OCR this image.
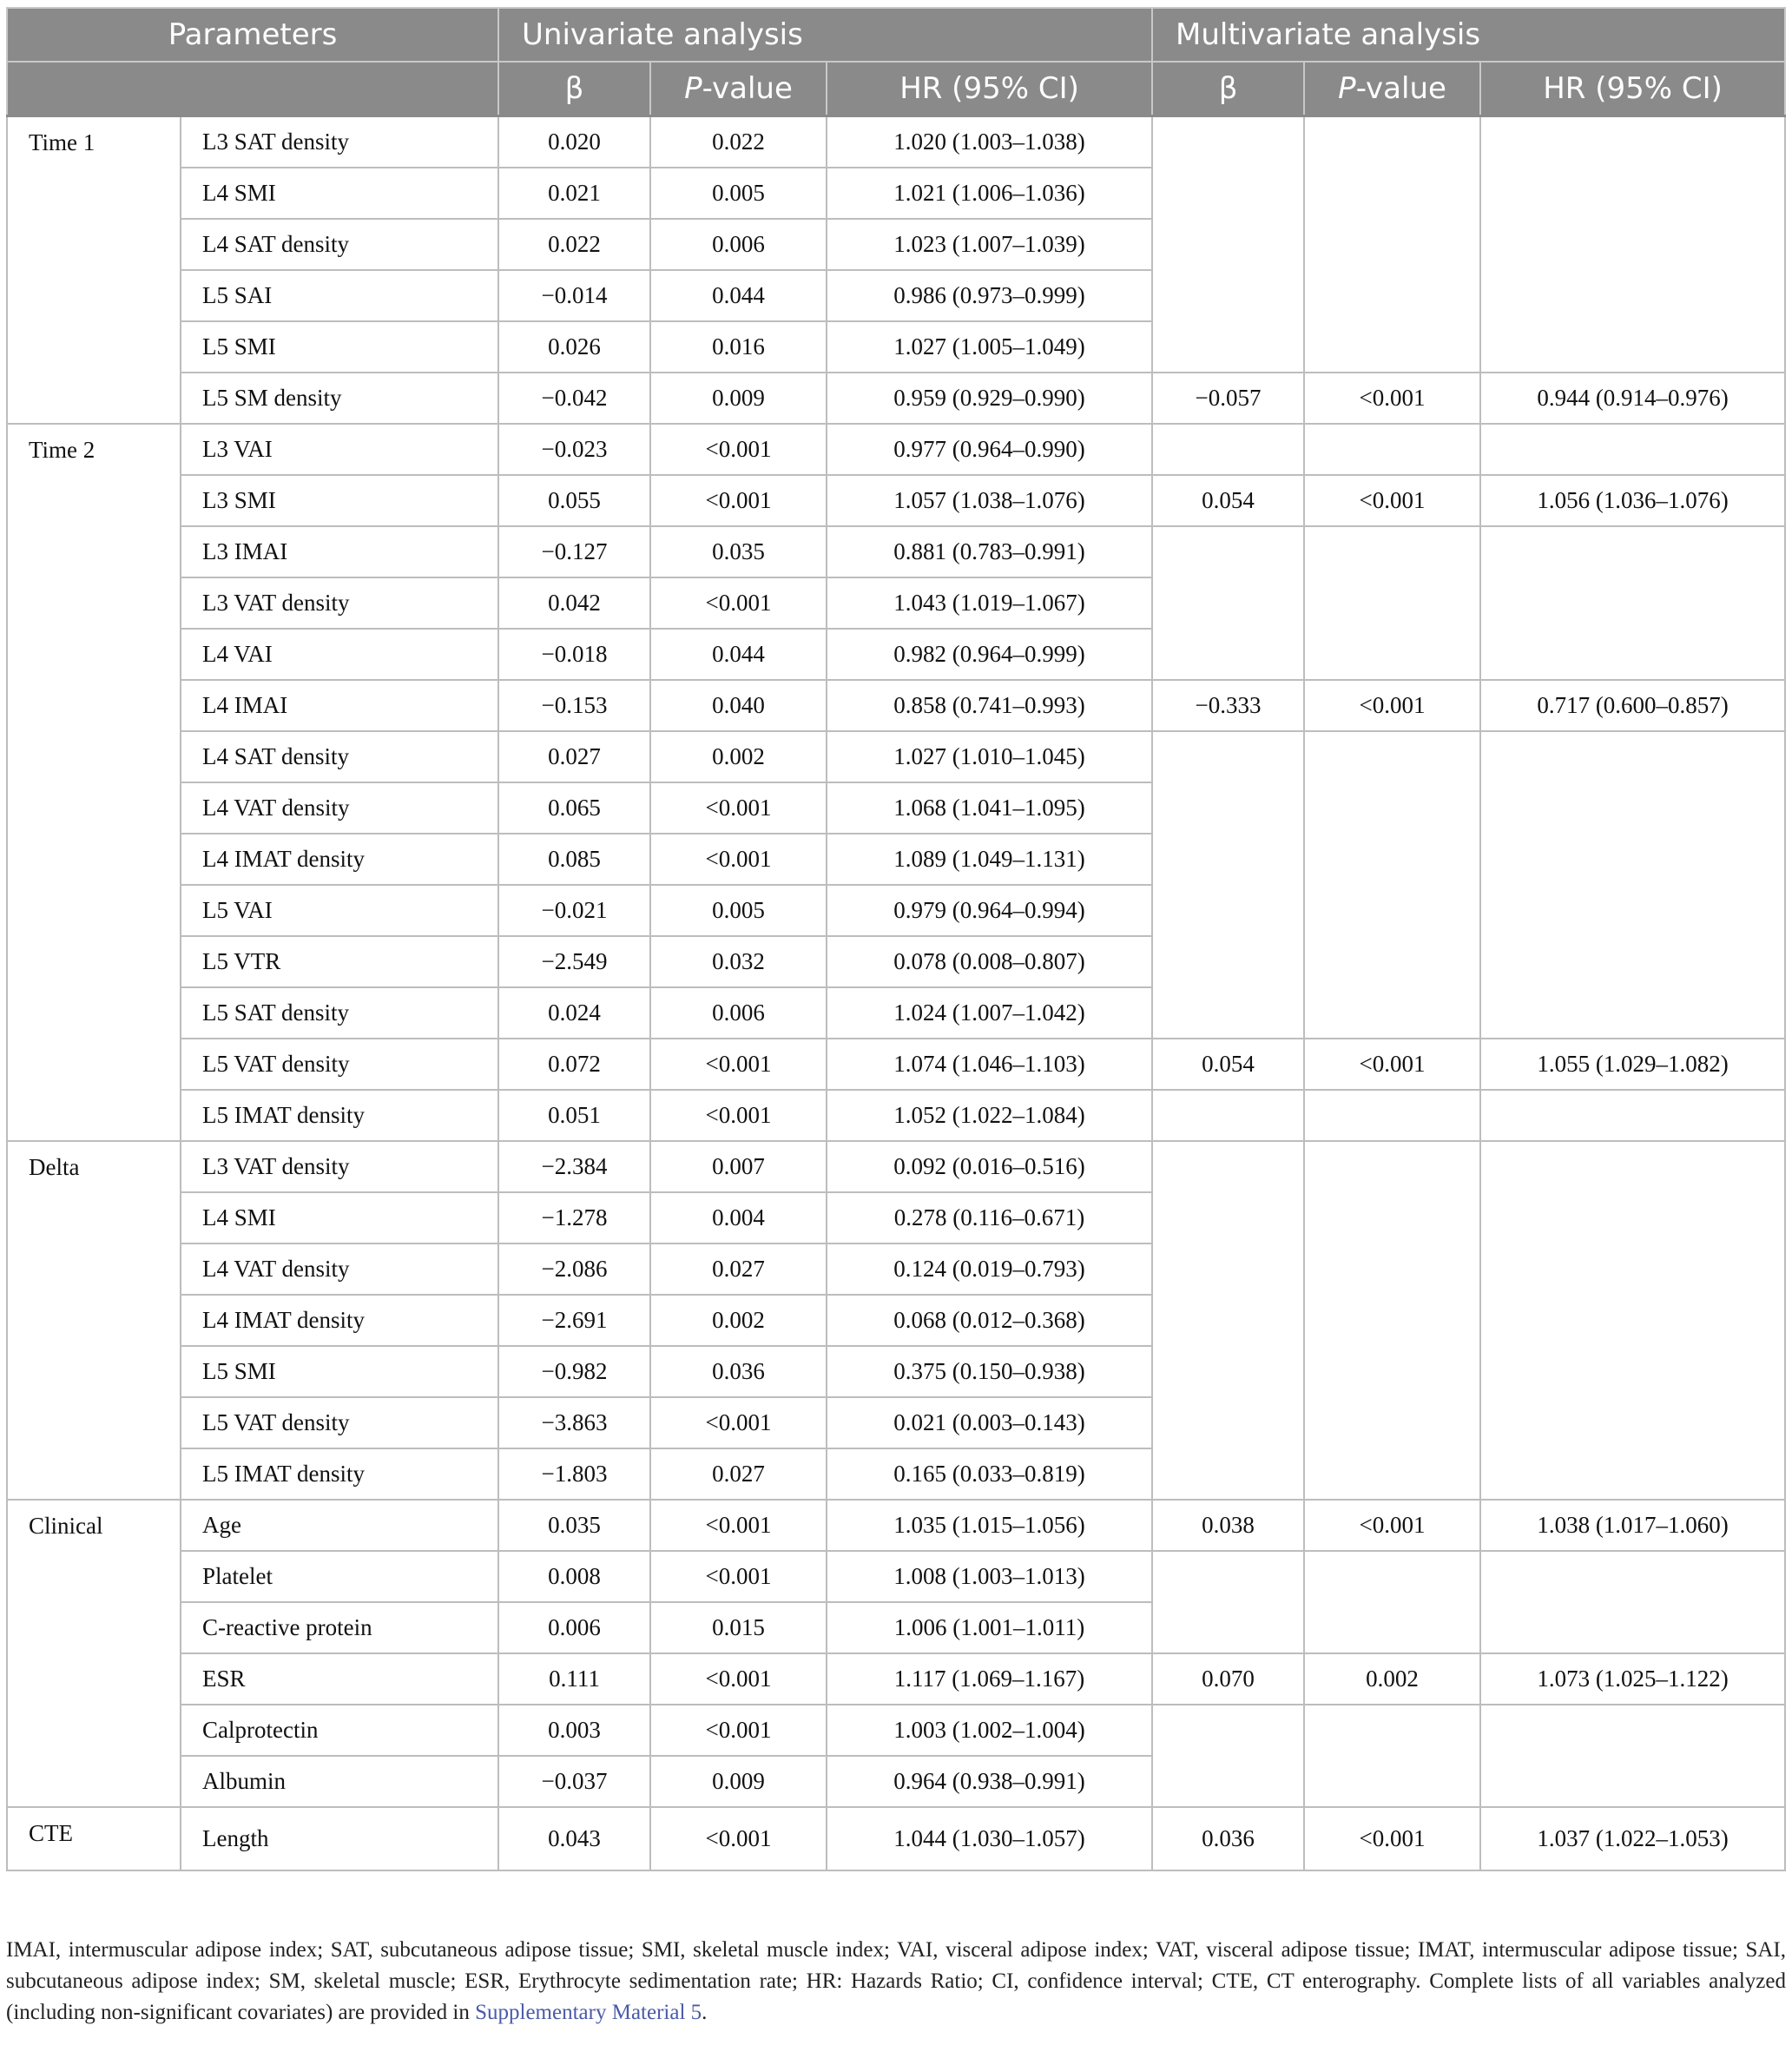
Parameters		Univariate analysis			Multivariate analysis		
		β	P-value	HR (95% CI)	β	P-value	HR (95% CI)
Time 1	L3 SAT density	0.020	0.022	1.020 (1.003–1.038)			
	L4 SMI	0.021	0.005	1.021 (1.006–1.036)			
	L4 SAT density	0.022	0.006	1.023 (1.007–1.039)			
	L5 SAI	−0.014	0.044	0.986 (0.973–0.999)			
	L5 SMI	0.026	0.016	1.027 (1.005–1.049)			
	L5 SM density	−0.042	0.009	0.959 (0.929–0.990)	−0.057	<0.001	0.944 (0.914–0.976)
Time 2	L3 VAI	−0.023	<0.001	0.977 (0.964–0.990)			
	L3 SMI	0.055	<0.001	1.057 (1.038–1.076)	0.054	<0.001	1.056 (1.036–1.076)
	L3 IMAI	−0.127	0.035	0.881 (0.783–0.991)			
	L3 VAT density	0.042	<0.001	1.043 (1.019–1.067)			
	L4 VAI	−0.018	0.044	0.982 (0.964–0.999)			
	L4 IMAI	−0.153	0.040	0.858 (0.741–0.993)	−0.333	<0.001	0.717 (0.600–0.857)
	L4 SAT density	0.027	0.002	1.027 (1.010–1.045)			
	L4 VAT density	0.065	<0.001	1.068 (1.041–1.095)			
	L4 IMAT density	0.085	<0.001	1.089 (1.049–1.131)			
	L5 VAI	−0.021	0.005	0.979 (0.964–0.994)			
	L5 VTR	−2.549	0.032	0.078 (0.008–0.807)			
	L5 SAT density	0.024	0.006	1.024 (1.007–1.042)			
	L5 VAT density	0.072	<0.001	1.074 (1.046–1.103)	0.054	<0.001	1.055 (1.029–1.082)
	L5 IMAT density	0.051	<0.001	1.052 (1.022–1.084)			
Delta	L3 VAT density	−2.384	0.007	0.092 (0.016–0.516)			
	L4 SMI	−1.278	0.004	0.278 (0.116–0.671)			
	L4 VAT density	−2.086	0.027	0.124 (0.019–0.793)			
	L4 IMAT density	−2.691	0.002	0.068 (0.012–0.368)			
	L5 SMI	−0.982	0.036	0.375 (0.150–0.938)			
	L5 VAT density	−3.863	<0.001	0.021 (0.003–0.143)			
	L5 IMAT density	−1.803	0.027	0.165 (0.033–0.819)			
Clinical	Age	0.035	<0.001	1.035 (1.015–1.056)	0.038	<0.001	1.038 (1.017–1.060)
	Platelet	0.008	<0.001	1.008 (1.003–1.013)			
	C-reactive protein	0.006	0.015	1.006 (1.001–1.011)			
	ESR	0.111	<0.001	1.117 (1.069–1.167)	0.070	0.002	1.073 (1.025–1.122)
	Calprotectin	0.003	<0.001	1.003 (1.002–1.004)			
	Albumin	−0.037	0.009	0.964 (0.938–0.991)			
CTE	Length	0.043	<0.001	1.044 (1.030–1.057)	0.036	<0.001	1.037 (1.022–1.053)
IMAI, intermuscular adipose index; SAT, subcutaneous adipose tissue; SMI, skeletal muscle index; VAI, visceral adipose index; VAT, visceral adipose tissue; IMAT, intermuscular adipose tissue; SAI, subcutaneous adipose index; SM, skeletal muscle; ESR, Erythrocyte sedimentation rate; HR: Hazards Ratio; CI, confidence interval; CTE, CT enterography. Complete lists of all variables analyzed (including non-significant covariates) are provided in Supplementary Material 5.
